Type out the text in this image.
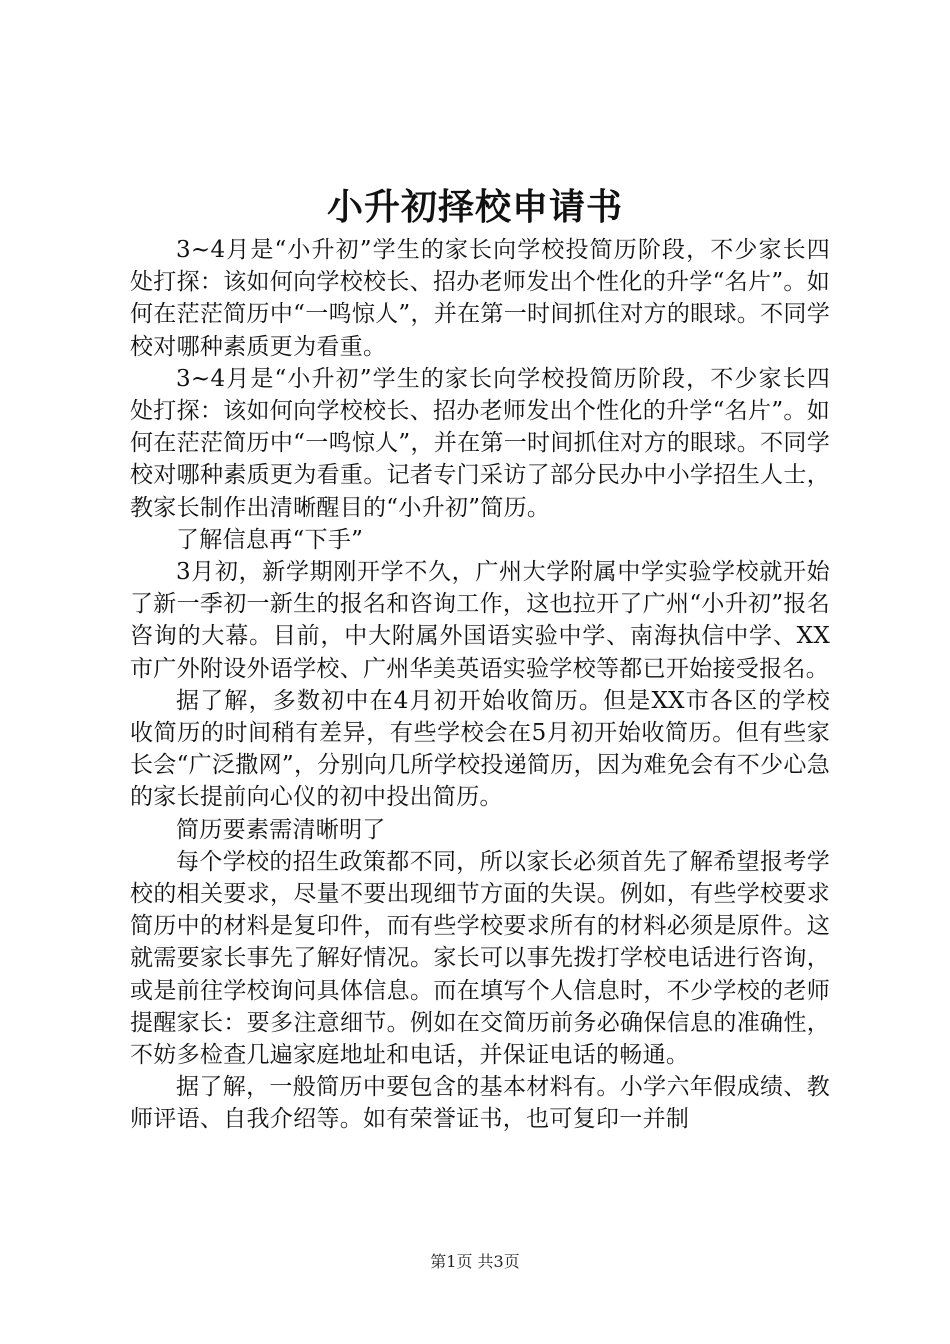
小升初择校申请书

3~4月是“小升初”学生的家长向学校投简历阶段，不少家长四处打探：该如何向学校校长、招办老师发出个性化的升学“名片”。如何在茫茫简历中“一鸣惊人”，并在第一时间抓住对方的眼球。不同学校对哪种素质更为看重。

3~4月是“小升初”学生的家长向学校投简历阶段，不少家长四处打探：该如何向学校校长、招办老师发出个性化的升学“名片”。如何在茫茫简历中“一鸣惊人”，并在第一时间抓住对方的眼球。不同学校对哪种素质更为看重。记者专门采访了部分民办中小学招生人士，教家长制作出清晰醒目的“小升初”简历。

了解信息再“下手”

3月初，新学期刚开学不久，广州大学附属中学实验学校就开始了新一季初一新生的报名和咨询工作，这也拉开了广州“小升初”报名咨询的大幕。目前，中大附属外国语实验中学、南海执信中学、XX市广外附设外语学校、广州华美英语实验学校等都已开始接受报名。

据了解，多数初中在4月初开始收简历。但是XX市各区的学校收简历的时间稍有差异，有些学校会在5月初开始收简历。但有些家长会“广泛撒网”，分别向几所学校投递简历，因为难免会有不少心急的家长提前向心仪的初中投出简历。

简历要素需清晰明了

每个学校的招生政策都不同，所以家长必须首先了解希望报考学校的相关要求，尽量不要出现细节方面的失误。例如，有些学校要求简历中的材料是复印件，而有些学校要求所有的材料必须是原件。这就需要家长事先了解好情况。家长可以事先拨打学校电话进行咨询，或是前往学校询问具体信息。而在填写个人信息时，不少学校的老师提醒家长：要多注意细节。例如在交简历前务必确保信息的准确性，不妨多检查几遍家庭地址和电话，并保证电话的畅通。

据了解，一般简历中要包含的基本材料有。小学六年假成绩、教师评语、自我介绍等。如有荣誉证书，也可复印一并制

第1页 共3页
